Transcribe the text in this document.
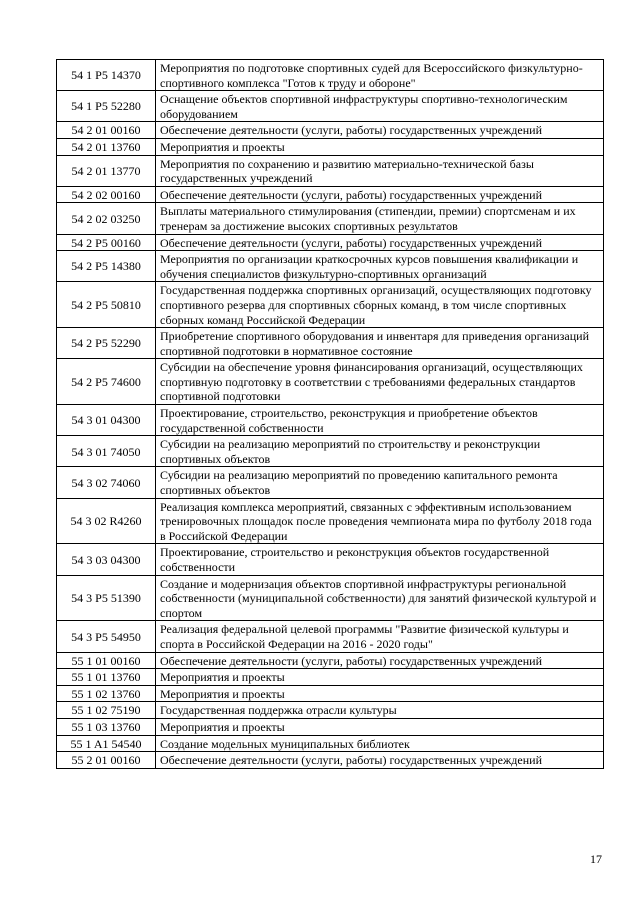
54 1 P5 14370	Мероприятия по подготовке спортивных судей для Всероссийского физкультурно-спортивного комплекса "Готов к труду и обороне"
54 1 P5 52280	Оснащение объектов спортивной инфраструктуры спортивно-технологическим оборудованием
54 2 01 00160	Обеспечение деятельности (услуги, работы) государственных учреждений
54 2 01 13760	Мероприятия и проекты
54 2 01 13770	Мероприятия по сохранению и развитию материально-технической базы государственных учреждений
54 2 02 00160	Обеспечение деятельности (услуги, работы) государственных учреждений
54 2 02 03250	Выплаты материального стимулирования (стипендии, премии) спортсменам и их тренерам за достижение высоких спортивных результатов
54 2 P5 00160	Обеспечение деятельности (услуги, работы) государственных учреждений
54 2 P5 14380	Мероприятия по организации краткосрочных курсов повышения квалификации и обучения специалистов физкультурно-спортивных организаций
54 2 P5 50810	Государственная поддержка спортивных организаций, осуществляющих подготовку спортивного резерва для спортивных сборных команд, в том числе спортивных сборных команд Российской Федерации
54 2 P5 52290	Приобретение спортивного оборудования и инвентаря для приведения организаций спортивной подготовки в нормативное состояние
54 2 P5 74600	Субсидии на обеспечение уровня финансирования организаций, осуществляющих спортивную подготовку в соответствии с требованиями федеральных стандартов спортивной подготовки
54 3 01 04300	Проектирование, строительство, реконструкция и приобретение объектов государственной собственности
54 3 01 74050	Субсидии на реализацию мероприятий по строительству и реконструкции спортивных объектов
54 3 02 74060	Субсидии на реализацию мероприятий по проведению капитального ремонта спортивных объектов
54 3 02 R4260	Реализация комплекса мероприятий, связанных с эффективным использованием тренировочных площадок после проведения чемпионата мира по футболу 2018 года в Российской Федерации
54 3 03 04300	Проектирование, строительство и реконструкция объектов государственной собственности
54 3 P5 51390	Создание и модернизация объектов спортивной инфраструктуры региональной собственности (муниципальной собственности) для занятий физической культурой и спортом
54 3 P5 54950	Реализация федеральной целевой программы "Развитие физической культуры и спорта в Российской Федерации на 2016 - 2020 годы"
55 1 01 00160	Обеспечение деятельности (услуги, работы) государственных учреждений
55 1 01 13760	Мероприятия и проекты
55 1 02 13760	Мероприятия и проекты
55 1 02 75190	Государственная поддержка отрасли культуры
55 1 03 13760	Мероприятия и проекты
55 1 A1 54540	Создание модельных муниципальных библиотек
55 2 01 00160	Обеспечение деятельности (услуги, работы) государственных учреждений
17
